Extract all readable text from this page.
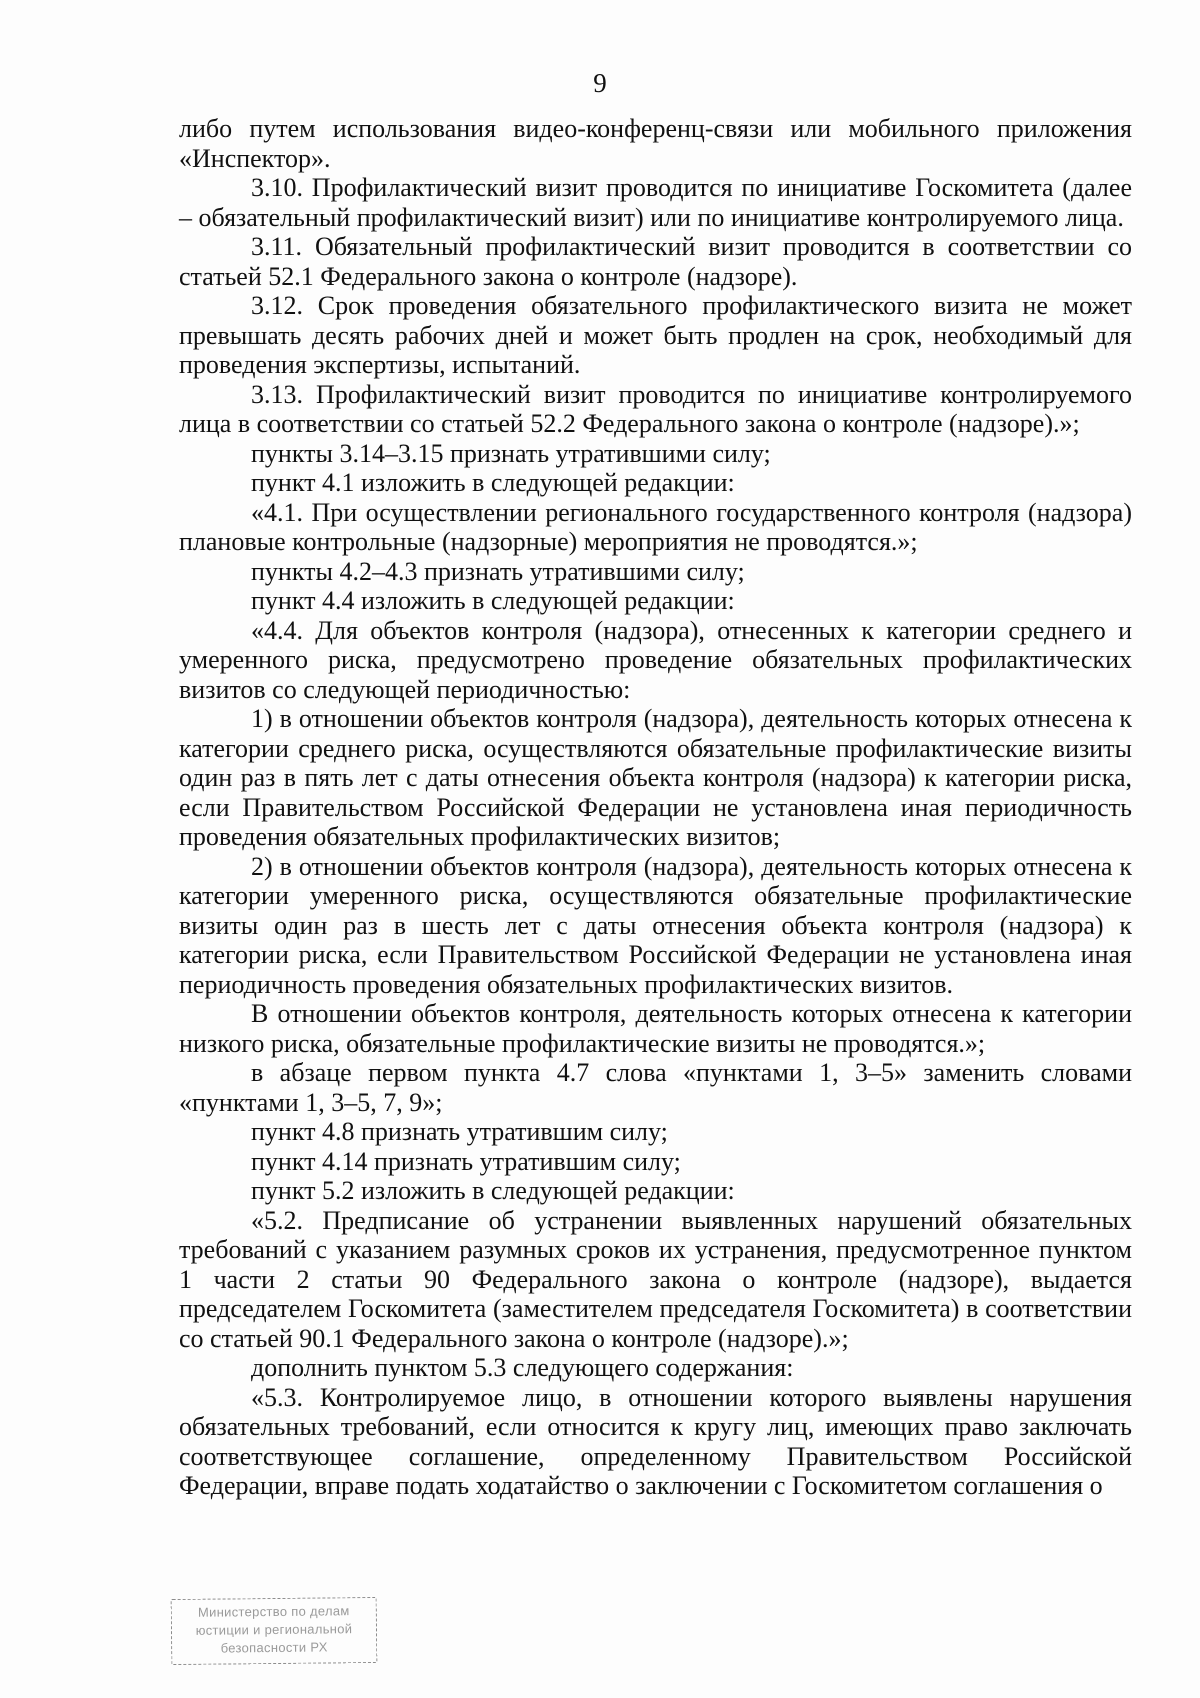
9

либо путем использования видео-конференц-связи или мобильного приложения «Инспектор».

3.10. Профилактический визит проводится по инициативе Госкомитета (далее – обязательный профилактический визит) или по инициативе контролируемого лица.

3.11. Обязательный профилактический визит проводится в соответствии со статьей 52.1 Федерального закона о контроле (надзоре).

3.12. Срок проведения обязательного профилактического визита не может превышать десять рабочих дней и может быть продлен на срок, необходимый для проведения экспертизы, испытаний.

3.13. Профилактический визит проводится по инициативе контролируемого лица в соответствии со статьей 52.2 Федерального закона о контроле (надзоре).»;

пункты 3.14–3.15 признать утратившими силу;

пункт 4.1 изложить в следующей редакции:

«4.1. При осуществлении регионального государственного контроля (надзора) плановые контрольные (надзорные) мероприятия не проводятся.»;

пункты 4.2–4.3 признать утратившими силу;

пункт 4.4 изложить в следующей редакции:

«4.4. Для объектов контроля (надзора), отнесенных к категории среднего и умеренного риска, предусмотрено проведение обязательных профилактических визитов со следующей периодичностью:

1) в отношении объектов контроля (надзора), деятельность которых отнесена к категории среднего риска, осуществляются обязательные профилактические визиты один раз в пять лет с даты отнесения объекта контроля (надзора) к категории риска, если Правительством Российской Федерации не установлена иная периодичность проведения обязательных профилактических визитов;

2) в отношении объектов контроля (надзора), деятельность которых отнесена к категории умеренного риска, осуществляются обязательные профилактические визиты один раз в шесть лет с даты отнесения объекта контроля (надзора) к категории риска, если Правительством Российской Федерации не установлена иная периодичность проведения обязательных профилактических визитов.

В отношении объектов контроля, деятельность которых отнесена к категории низкого риска, обязательные профилактические визиты не проводятся.»;

в абзаце первом пункта 4.7 слова «пунктами 1, 3–5» заменить словами «пунктами 1, 3–5, 7, 9»;

пункт 4.8 признать утратившим силу;

пункт 4.14 признать утратившим силу;

пункт 5.2 изложить в следующей редакции:

«5.2. Предписание об устранении выявленных нарушений обязательных требований с указанием разумных сроков их устранения, предусмотренное пунктом 1 части 2 статьи 90 Федерального закона о контроле (надзоре), выдается председателем Госкомитета (заместителем председателя Госкомитета) в соответствии со статьей 90.1 Федерального закона о контроле (надзоре).»;

дополнить пунктом 5.3 следующего содержания:

«5.3. Контролируемое лицо, в отношении которого выявлены нарушения обязательных требований, если относится к кругу лиц, имеющих право заключать соответствующее соглашение, определенному Правительством Российской Федерации, вправе подать ходатайство о заключении с Госкомитетом соглашения о

Министерство по делам
юстиции и региональной
безопасности РХ
